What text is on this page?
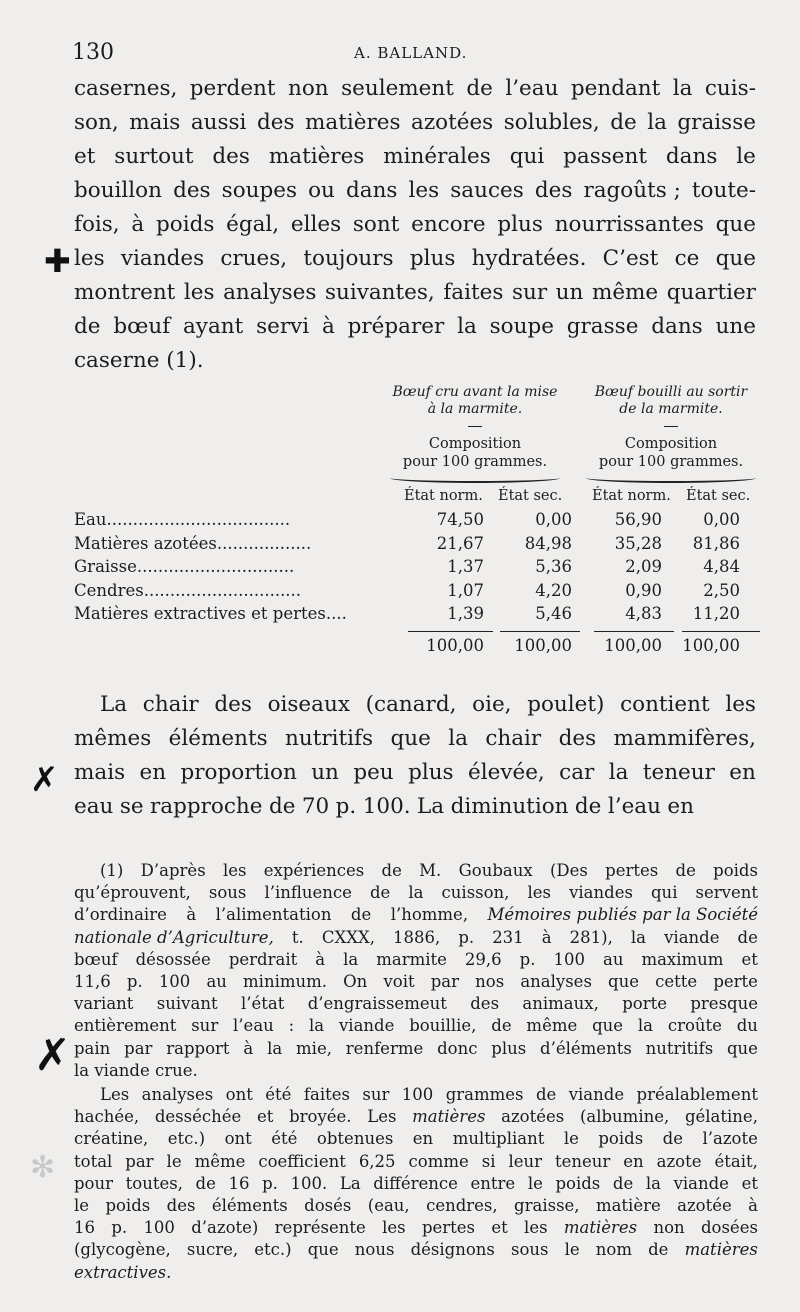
130	A. BALLAND.
casernes, perdent non seulement de l’eau pendant la cuis-
son, mais aussi des matières azotées solubles, de la graisse
et surtout des matières minérales qui passent dans le
bouillon des soupes ou dans les sauces des ragoûts ; toute-
fois, à poids égal, elles sont encore plus nourrissantes que
les viandes crues, toujours plus hydratées. C’est ce que
montrent les analyses suivantes, faites sur un même quartier
de bœuf ayant servi à préparer la soupe grasse dans une
caserne (1).
Bœuf cru avant la mise
à la marmite.
Composition
pour 100 grammes.
Bœuf bouilli au sortir
de la marmite.
Composition
pour 100 grammes.
État norm. État sec. État norm. État sec.
Eau...................................	74,50	0,00	56,90	0,00
Matières azotées..................	21,67	84,98	35,28	81,86
Graisse..............................	1,37	5,36	2,09	4,84
Cendres..............................	1,07	4,20	0,90	2,50
Matières extractives et pertes....	1,39	5,46	4,83	11,20
100,00	100,00	100,00	100,00
La chair des oiseaux (canard, oie, poulet) contient les
mêmes éléments nutritifs que la chair des mammifères,
mais en proportion un peu plus élevée, car la teneur en
eau se rapproche de 70 p. 100. La diminution de l’eau en
(1) D’après les expériences de M. Goubaux (Des pertes de poids
qu’éprouvent, sous l’influence de la cuisson, les viandes qui servent
d’ordinaire à l’alimentation de l’homme, Mémoires publiés par la Société
nationale d’Agriculture, t. CXXX, 1886, p. 231 à 281), la viande de
bœuf désossée perdrait à la marmite 29,6 p. 100 au maximum et
11,6 p. 100 au minimum. On voit par nos analyses que cette perte
variant suivant l’état d’engraissemeut des animaux, porte presque
entièrement sur l’eau : la viande bouillie, de même que la croûte du
pain par rapport à la mie, renferme donc plus d’éléments nutritifs que
la viande crue.
Les analyses ont été faites sur 100 grammes de viande préalablement
hachée, desséchée et broyée. Les matières azotées (albumine, gélatine,
créatine, etc.) ont été obtenues en multipliant le poids de l’azote
total par le même coefficient 6,25 comme si leur teneur en azote était,
pour toutes, de 16 p. 100. La différence entre le poids de la viande et
le poids des éléments dosés (eau, cendres, graisse, matière azotée à
16 p. 100 d’azote) représente les pertes et les matières non dosées
(glycogène, sucre, etc.) que nous désignons sous le nom de matières
extractives.
✚
✗
✗
✻
